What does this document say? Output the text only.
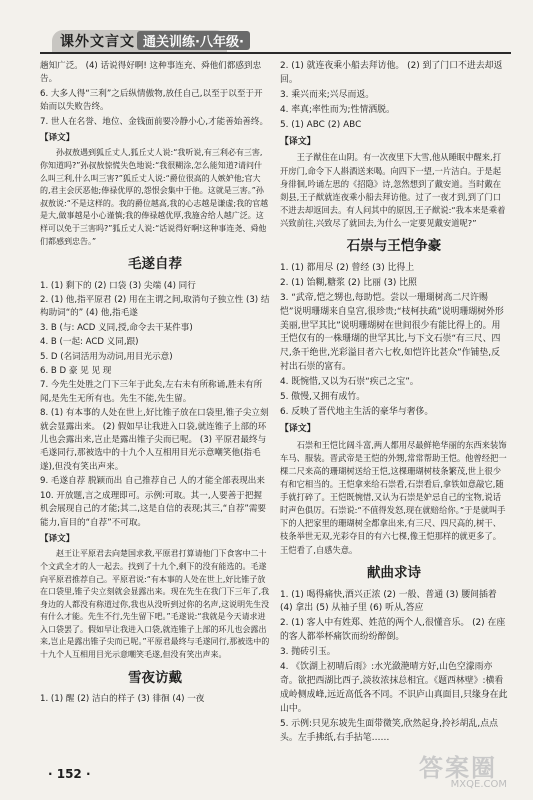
课外文言文 通关训练·八年级·

趟知广泛。 (4) 话说得好啊! 这种事连充、舜他们都感到忠告。

6. 大多人得“三利”之后纵情傲物,放任自己,以至于以至于开始而以失败告终。

7. 世人在名誉、地位、金钱面前要冷静小心,才能善始善终。

【译文】

孙叔敖遇到狐丘丈人,狐丘丈人说:“我听说,有三利必有三害,你知道吗?”孙叔敖惊慌失色地说:“我很糊涂,怎么能知道?请问什么叫三利,什么叫三害?”狐丘丈人说:“爵位很高的人嫉妒他;官大的,君主会厌恶他;俸禄优厚的,怨恨会集中于他。这就是三害。”孙叔敖说:“不是这样的。我的爵位越高,我的心志越是谦虚;我的官越是大,做事越是小心谨慎;我的俸禄越优厚,我施舍给人越广泛。这样可以免于三害吗?”狐丘丈人说:“话说得好啊!这种事连尧、舜他们都感到忠告。”

毛遂自荐

1. (1) 剩下的 (2) 口袋 (3) 尖端 (4) 同行

2. (1) 他,指平原君 (2) 用在主谓之间,取消句子独立性 (3) 结构助词“的” (4) 他,指毛遂

3. B (与: ACD 义同,授,命令去干某件事)

4. B (一起: ACD 义同,跟)

5. D (名词活用为动词,用目光示意)

6. B D 豪 见 见 现

7. 今先生处胜之门下三年于此矣,左右未有所称诵,胜未有所闻,是先生无所有也。先生不能,先生留。

8. (1) 有本事的人处在世上,好比锥子放在口袋里,锥子尖立刻就会显露出来。 (2) 假如早让我进入口袋,就连锥子上部的环儿也会露出来,岂止是露出锥子尖而已呢。 (3) 平原君最终与毛遂同行,那被选中的十九个人互相用目光示意嘲笑他(指毛遂),但没有笑出声来。

9. 毛遂自荐 脱颖而出 自己推荐自己 人的才能全部表现出来

10. 开放题,言之成理即可。示例:可取。其一,人要善于把握机会展现自己的才能;其二,这是自信的表现;其三,“自荐”需要能力,盲目的“自荐”不可取。

【译文】

赵王让平原君去向楚国求救,平原君打算请他门下食客中二十个文武全才的人一起去。找到了十九个,剩下的没有能选的。毛遂向平原君推荐自己。平原君说:“有本事的人处在世上,好比锥子放在口袋里,锥子尖立刻就会显露出来。现在先生在我门下三年了,我身边的人都没有称道过你,我也从没听到过你的名声,这说明先生没有什么才能。先生不行,先生留下吧。”毛遂说:“我就是今天请求进入口袋罢了。假如早让我进入口袋,就连锥子上部的环儿也会露出来,岂止是露出锥子尖而已呢。”平原君最终与毛遂同行,那被选中的十九个人互相用目光示意嘲笑毛遂,但没有笑出声来。

雪夜访戴

1. (1) 醒 (2) 洁白的样子 (3) 徘徊 (4) 一夜

2. (1) 就连夜乘小船去拜访他。 (2) 到了门口不进去却返回。

3. 乘兴而来;兴尽而返。

4. 率真;率性而为;性情洒脱。

5. (1) ABC (2) ABC

【译文】

王子猷住在山阴。有一次夜里下大雪,他从睡眠中醒来,打开房门,命令下人斟酒送来喝。向四下一望,一片洁白。于是起身徘徊,吟诵左思的《招隐》诗,忽然想到了戴安道。当时戴在剡县,王子猷就连夜乘小船去拜访他。过了一夜才到,到了门口不进去却返回去。有人问其中的原因,王子猷说:“我本来是乘着兴致前往,兴致尽了就回去,为什么一定要见戴安道呢?”

石崇与王恺争豪

1. (1) 都用尽 (2) 曾经 (3) 比得上

2. (1) 饴糊,糖浆 (2) 比丽 (3) 比照

3. “武帝,恺之甥也,每助恺。尝以一珊瑚树高二尺许赐恺”说明珊瑚来自皇宫,很珍贵;“枝柯扶疏”说明珊瑚树外形美丽,世罕其比”说明珊瑚树在世间很少有能比得上的。用王恺仅有的一株珊瑚的世罕其比,与下文石崇“有三尺、四尺,条干绝世,光彩溢目者六七枚,如恺许比甚众”作铺垫,反衬出石崇的富有。

4. 既惋惜,又以为石崇“疾己之宝”。

5. 傲慢,又拥有成竹。

6. 反映了晋代地主生活的豪华与奢侈。

【译文】

石崇和王恺比阔斗富,两人都用尽最鲜艳华丽的东西来装饰车马、服装。晋武帝是王恺的外甥,常常帮助王恺。他曾经把一棵二尺来高的珊瑚树送给王恺,这棵珊瑚树枝条繁茂,世上很少有和它相当的。王恺拿来给石崇看,石崇看后,拿铁如意敲它,随手就打碎了。王恺既惋惜,又认为石崇是妒忌自己的宝物,说话时声色俱厉。石崇说:“不值得发怒,现在就赔给你。”于是就叫手下的人把家里的珊瑚树全都拿出来,有三尺、四尺高的,树干、枝条举世无双,光彩夺目的有六七棵,像王恺那样的就更多了。王恺看了,自感失意。

献曲求诗

1. (1) 喝得痛快,酒兴正浓 (2) 一般、普通 (3) 腰间插着 (4) 拿出 (5) 从袖子里 (6) 听从,答应

2. (1) 客人中有姓郑、姓范的两个人,很懂音乐。 (2) 在座的客人都举杯痛饮而纷纷醉倒。

3. 抛砖引玉。

4. 《饮湖上初晴后雨》:水光潋滟晴方好,山色空濛雨亦奇。欲把西湖比西子,淡妆浓抹总相宜。《题西林壁》:横看成岭侧成峰,远近高低各不同。不识庐山真面目,只缘身在此山中。

5. 示例:只见东坡先生面带微笑,欣然起身,拎衫胡乱,点点头。左手拂纸,右手拈笔……

· 152 ·	答案圈
MXQE.COM
